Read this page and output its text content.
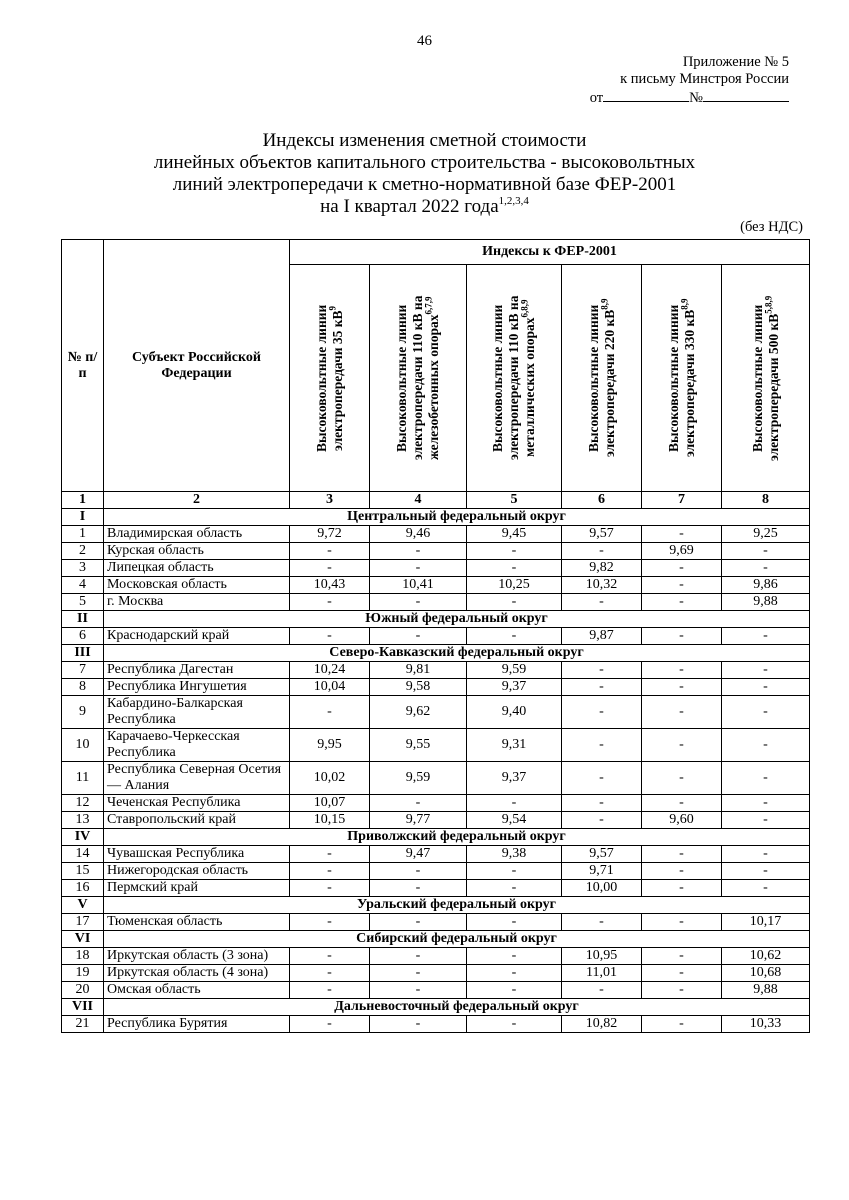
46
Приложение № 5
к письму Минстроя России
от	№
Индексы изменения сметной стоимости
линейных объектов капитального строительства - высоковольтных
линий электропередачи к сметно-нормативной базе ФЕР-2001
на I квартал 2022 года$^{1,2,3,4}$
(без НДС)
№ п/п	Субъект Российской Федерации	Индексы к ФЕР-2001					

		Высоковольтные линии электропередачи 35 $кВ^9$	Высоковольтные линии электропередачи 110 кВ на железобетонных опорах$^{6,7,9}$	Высоковольтные линии электропередачи 110 кВ на металлических опорах$^{6,8,9}$	Высоковольтные линии электропередачи 220 кВ$^{8,9}$	Высоковольтные линии электропередачи 330 кВ$^{8,9}$	Высоковольтные линии электропередачи 500 кВ$^{5,8,9}$

1	2	3	4	5	6	7	8
I	Центральный федеральный округ						
1	Владимирская область	9,72	9,46	9,45	9,57	-	9,25
2	Курская область	-	-	-	-	9,69	-
3	Липецкая область	-	-	-	9,82	-	-
4	Московская область	10,43	10,41	10,25	10,32	-	9,86
5	г. Москва	-	-	-	-	-	9,88
II	Южный федеральный округ						
6	Краснодарский край	-	-	-	9,87	-	-
III	Северо-Кавказский федеральный округ						
7	Республика Дагестан	10,24	9,81	9,59	-	-	-
8	Республика Ингушетия	10,04	9,58	9,37	-	-	-
9	Кабардино-Балкарская Республика	-	9,62	9,40	-	-	-
10	Карачаево-Черкесская Республика	9,95	9,55	9,31	-	-	-
11	Республика Северная Осетия — Алания	10,02	9,59	9,37	-	-	-
12	Чеченская Республика	10,07	-	-	-	-	-
13	Ставропольский край	10,15	9,77	9,54	-	9,60	-
IV	Приволжский федеральный округ						
14	Чувашская Республика	-	9,47	9,38	9,57	-	-
15	Нижегородская область	-	-	-	9,71	-	-
16	Пермский край	-	-	-	10,00	-	-
V	Уральский федеральный округ						
17	Тюменская область	-	-	-	-	-	10,17
VI	Сибирский федеральный округ						
18	Иркутская область (3 зона)	-	-	-	10,95	-	10,62
19	Иркутская область (4 зона)	-	-	-	11,01	-	10,68
20	Омская область	-	-	-	-	-	9,88
VII	Дальневосточный федеральный округ						
21	Республика Бурятия	-	-	-	10,82	-	10,33
